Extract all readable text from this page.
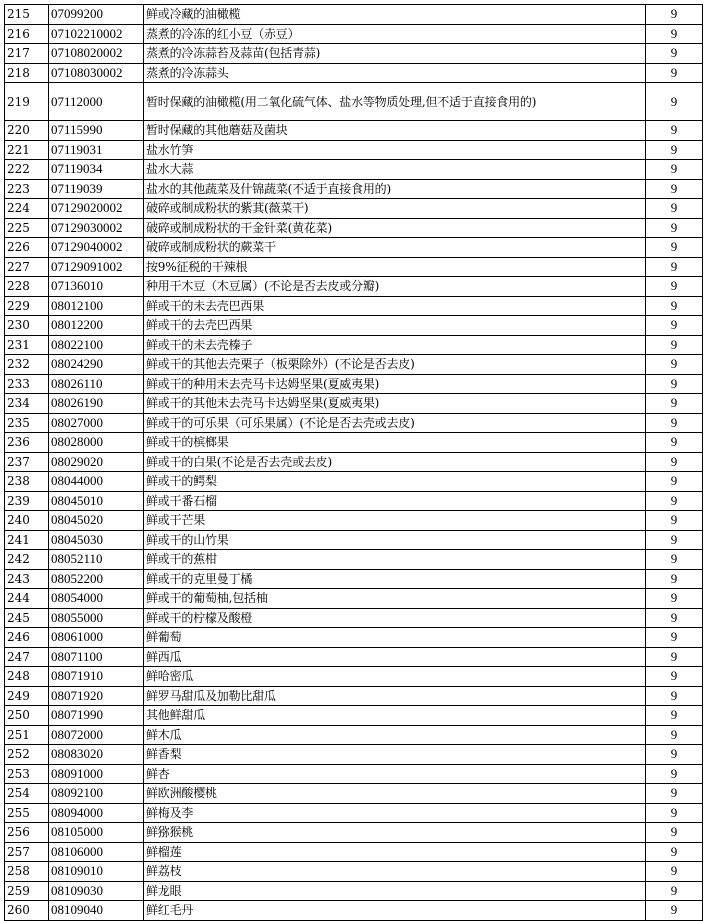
215	07099200	鲜或冷藏的油橄榄	9
216	07102210002	蒸煮的冷冻的红小豆（赤豆）	9
217	07108020002	蒸煮的冷冻蒜苔及蒜苗(包括青蒜)	9
218	07108030002	蒸煮的冷冻蒜头	9
219	07112000	暂时保藏的油橄榄(用二氧化硫气体、盐水等物质处理,但不适于直接食用的)	9
220	07115990	暂时保藏的其他蘑菇及菌块	9
221	07119031	盐水竹笋	9
222	07119034	盐水大蒜	9
223	07119039	盐水的其他蔬菜及什锦蔬菜(不适于直接食用的)	9
224	07129020002	破碎或制成粉状的紫萁(薇菜干)	9
225	07129030002	破碎或制成粉状的干金针菜(黄花菜)	9
226	07129040002	破碎或制成粉状的蕨菜干	9
227	07129091002	按9%征税的干辣根	9
228	07136010	种用干木豆（木豆属）(不论是否去皮或分瓣)	9
229	08012100	鲜或干的未去壳巴西果	9
230	08012200	鲜或干的去壳巴西果	9
231	08022100	鲜或干的未去壳榛子	9
232	08024290	鲜或干的其他去壳栗子（板栗除外）(不论是否去皮)	9
233	08026110	鲜或干的种用未去壳马卡达姆坚果(夏威夷果)	9
234	08026190	鲜或干的其他未去壳马卡达姆坚果(夏威夷果)	9
235	08027000	鲜或干的可乐果（可乐果属）(不论是否去壳或去皮)	9
236	08028000	鲜或干的槟榔果	9
237	08029020	鲜或干的白果(不论是否去壳或去皮)	9
238	08044000	鲜或干的鳄梨	9
239	08045010	鲜或干番石榴	9
240	08045020	鲜或干芒果	9
241	08045030	鲜或干的山竹果	9
242	08052110	鲜或干的蕉柑	9
243	08052200	鲜或干的克里曼丁橘	9
244	08054000	鲜或干的葡萄柚,包括柚	9
245	08055000	鲜或干的柠檬及酸橙	9
246	08061000	鲜葡萄	9
247	08071100	鲜西瓜	9
248	08071910	鲜哈密瓜	9
249	08071920	鲜罗马甜瓜及加勒比甜瓜	9
250	08071990	其他鲜甜瓜	9
251	08072000	鲜木瓜	9
252	08083020	鲜香梨	9
253	08091000	鲜杏	9
254	08092100	鲜欧洲酸樱桃	9
255	08094000	鲜梅及李	9
256	08105000	鲜猕猴桃	9
257	08106000	鲜榴莲	9
258	08109010	鲜荔枝	9
259	08109030	鲜龙眼	9
260	08109040	鲜红毛丹	9
